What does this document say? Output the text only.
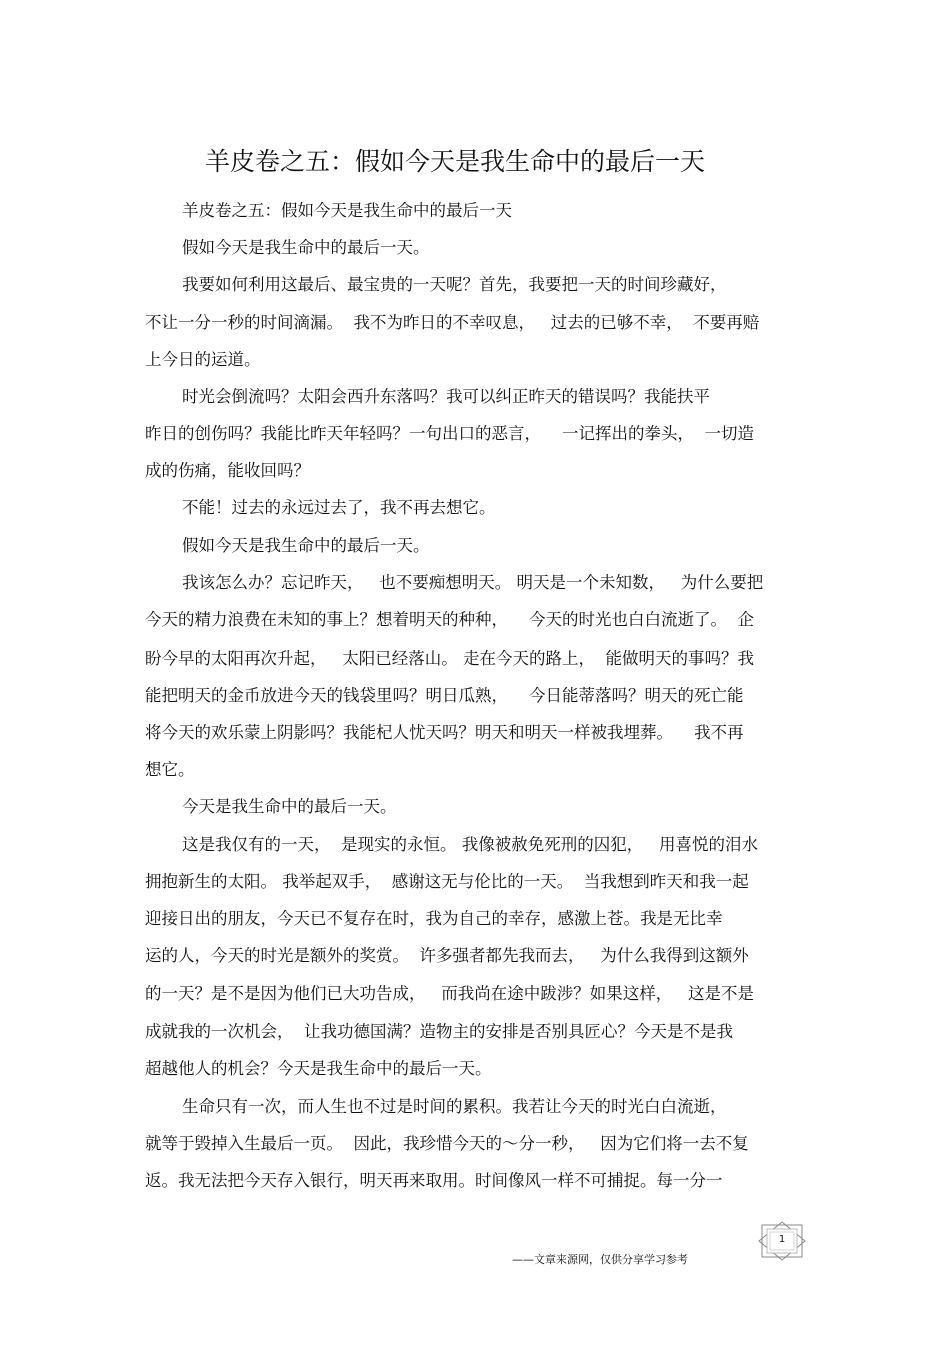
羊皮卷之五：假如今天是我生命中的最后一天
羊皮卷之五：假如今天是我生命中的最后一天
假如今天是我生命中的最后一天。
我要如何利用这最后、最宝贵的一天呢？首先，我要把一天的时间珍藏好，
不让一分一秒的时间滴漏。  我不为昨日的不幸叹息，   过去的已够不幸，  不要再赔
上今日的运道。
时光会倒流吗？太阳会西升东落吗？我可以纠正昨天的错误吗？我能扶平
昨日的创伤吗？我能比昨天年轻吗？一句出口的恶言，    一记挥出的拳头，  一切造
成的伤痛，能收回吗？
不能！过去的永远过去了，我不再去想它。
假如今天是我生命中的最后一天。
我该怎么办？忘记昨天，   也不要痴想明天。 明天是一个未知数，   为什么要把
今天的精力浪费在未知的事上？想着明天的种种，    今天的时光也白白流逝了。  企
盼今早的太阳再次升起，   太阳已经落山。 走在今天的路上，  能做明天的事吗？我
能把明天的金币放进今天的钱袋里吗？明日瓜熟，    今日能蒂落吗？明天的死亡能
将今天的欢乐蒙上阴影吗？我能杞人忧天吗？明天和明天一样被我埋葬。    我不再
想它。
今天是我生命中的最后一天。
这是我仅有的一天，  是现实的永恒。 我像被赦免死刑的囚犯，   用喜悦的泪水
拥抱新生的太阳。 我举起双手，  感谢这无与伦比的一天。  当我想到昨天和我一起
迎接日出的朋友，今天已不复存在时，我为自己的幸存，感激上苍。我是无比幸
运的人，今天的时光是额外的奖赏。  许多强者都先我而去，   为什么我得到这额外
的一天？是不是因为他们已大功告成，   而我尚在途中跋涉？如果这样，   这是不是
成就我的一次机会，  让我功德国满？造物主的安排是否别具匠心？今天是不是我
超越他人的机会？今天是我生命中的最后一天。
生命只有一次，而人生也不过是时间的累积。我若让今天的时光白白流逝，
就等于毁掉入生最后一页。  因此，我珍惜今天的～分一秒，   因为它们将一去不复
返。我无法把今天存入银行，明天再来取用。时间像风一样不可捕捉。每一分一
——文章来源网，仅供分享学习参考
1
